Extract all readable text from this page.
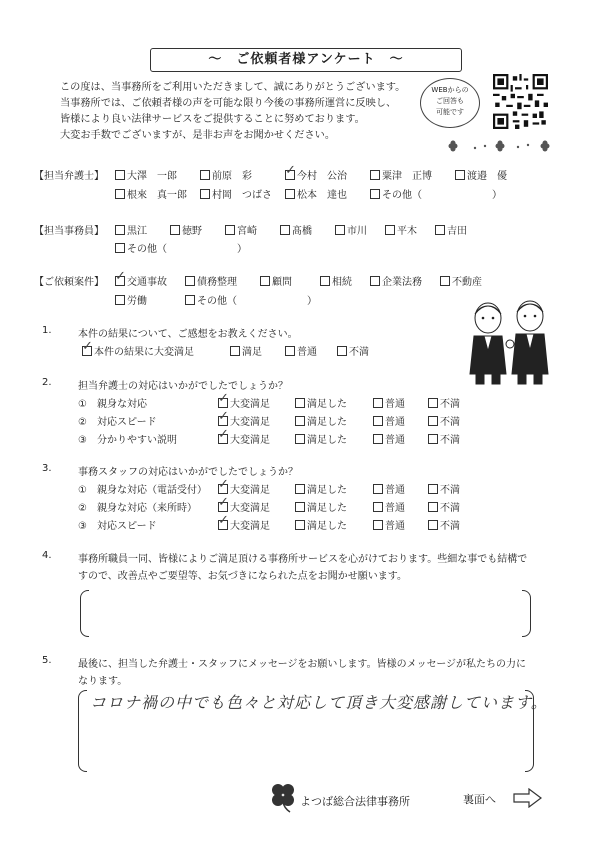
～　ご依頼者様アンケート　～
この度は、当事務所をご利用いただきまして、誠にありがとうございます。
当事務所では、ご依頼者様の声を可能な限り今後の事務所運営に反映し、
皆様により良い法律サービスをご提供することに努めております。
大変お手数でございますが、是非お声をお聞かせください。
WEBからの
ご回答も
可能です
【担当弁護士】	大澤　一郎	前原　彩 ✓	今村　公治	粟津　正博	渡邉　優
根來　真一郎	村岡　つばさ	松本　達也	その他（　　　　　　　）
【担当事務員】	黒江	徳野	宮崎	髙橋	市川	平木	吉田
その他（　　　　　　　）
【ご依頼案件】 ✓	交通事故	債務整理	顧問	相続	企業法務	不動産
労働	その他（　　　　　　　）
1.	本件の結果について、ご感想をお教えください。
✓本件の結果に大変満足	満足	普通	不満
2.	担当弁護士の対応はいかがでしたでしょうか？
①　親身な対応 ✓	大変満足	満足した	普通	不満
②　対応スピード ✓	大変満足	満足した	普通	不満
③　分かりやすい説明 ✓	大変満足	満足した	普通	不満
3.	事務スタッフの対応はいかがでしたでしょうか？
①　親身な対応（電話受付） ✓	大変満足	満足した	普通	不満
②　親身な対応（来所時） ✓	大変満足	満足した	普通	不満
③　対応スピード ✓	大変満足	満足した	普通	不満
4.	事務所職員一同、皆様によりご満足頂ける事務所サービスを心がけております。些細な事でも結構で
すので、改善点やご要望等、お気づきになられた点をお聞かせ願います。
5.	最後に、担当した弁護士・スタッフにメッセージをお願いします。皆様のメッセージが私たちの力に
なります。
コロナ禍の中でも色々と対応して頂き大変感謝しています。
よつば総合法律事務所	裏面へ
